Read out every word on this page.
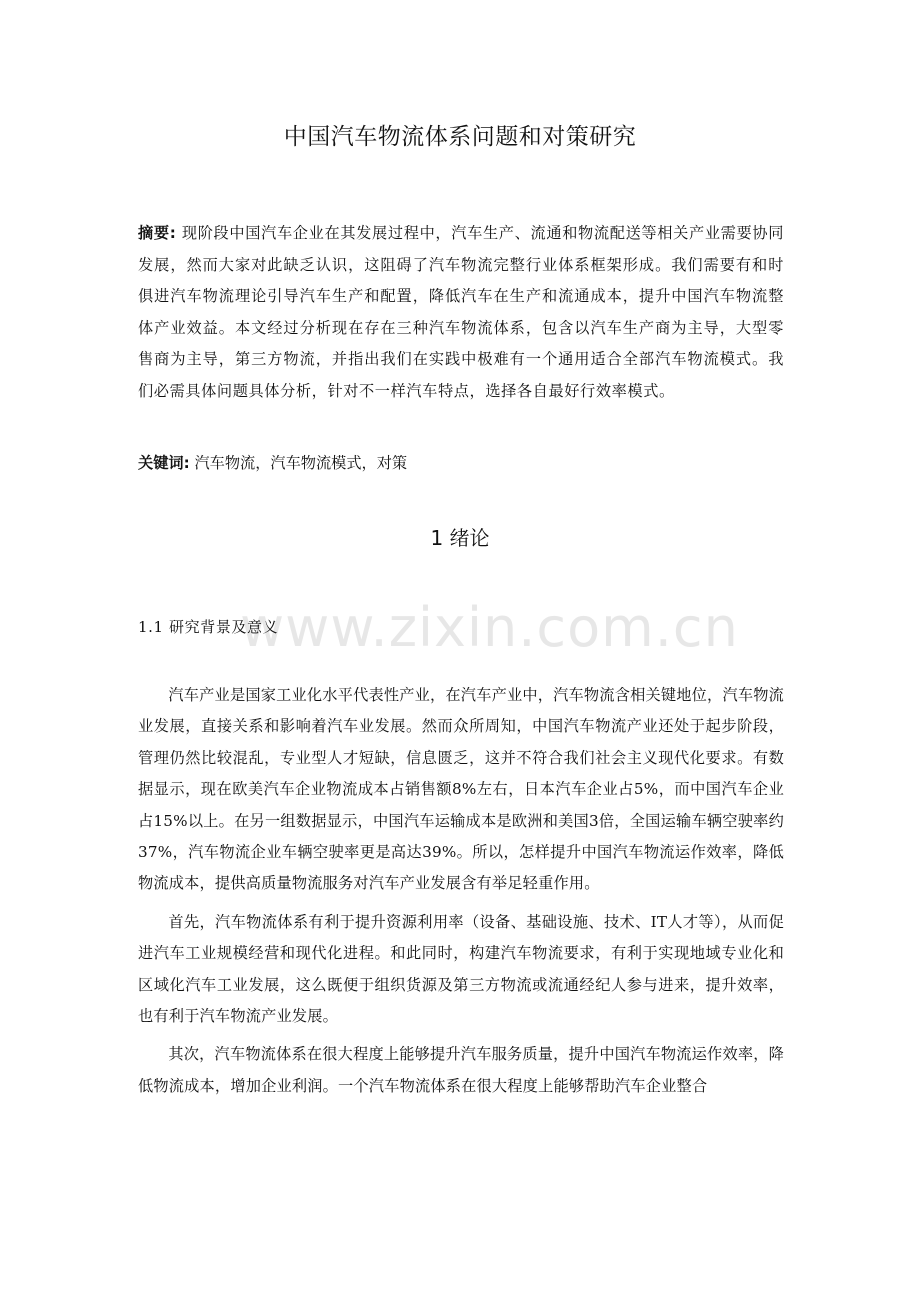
中国汽车物流体系问题和对策研究
摘要: 现阶段中国汽车企业在其发展过程中，汽车生产、流通和物流配送等相关产业需要协同发展，然而大家对此缺乏认识，这阻碍了汽车物流完整行业体系框架形成。我们需要有和时俱进汽车物流理论引导汽车生产和配置，降低汽车在生产和流通成本，提升中国汽车物流整体产业效益。本文经过分析现在存在三种汽车物流体系，包含以汽车生产商为主导，大型零售商为主导，第三方物流，并指出我们在实践中极难有一个通用适合全部汽车物流模式。我们必需具体问题具体分析，针对不一样汽车特点，选择各自最好行效率模式。
关键词: 汽车物流，汽车物流模式，对策
1 绪论
www.zixin.com.cn
1.1 研究背景及意义

汽车产业是国家工业化水平代表性产业，在汽车产业中，汽车物流含相关键地位，汽车物流业发展，直接关系和影响着汽车业发展。然而众所周知，中国汽车物流产业还处于起步阶段，管理仍然比较混乱，专业型人才短缺，信息匮乏，这并不符合我们社会主义现代化要求。有数据显示，现在欧美汽车企业物流成本占销售额8%左右，日本汽车企业占5%，而中国汽车企业占15%以上。在另一组数据显示，中国汽车运输成本是欧洲和美国3倍，全国运输车辆空驶率约37%，汽车物流企业车辆空驶率更是高达39%。所以，怎样提升中国汽车物流运作效率，降低物流成本，提供高质量物流服务对汽车产业发展含有举足轻重作用。

首先，汽车物流体系有利于提升资源利用率（设备、基础设施、技术、IT人才等），从而促进汽车工业规模经营和现代化进程。和此同时，构建汽车物流要求，有利于实现地域专业化和区域化汽车工业发展，这么既便于组织货源及第三方物流或流通经纪人参与进来，提升效率，也有利于汽车物流产业发展。

其次，汽车物流体系在很大程度上能够提升汽车服务质量，提升中国汽车物流运作效率，降低物流成本，增加企业利润。一个汽车物流体系在很大程度上能够帮助汽车企业整合
